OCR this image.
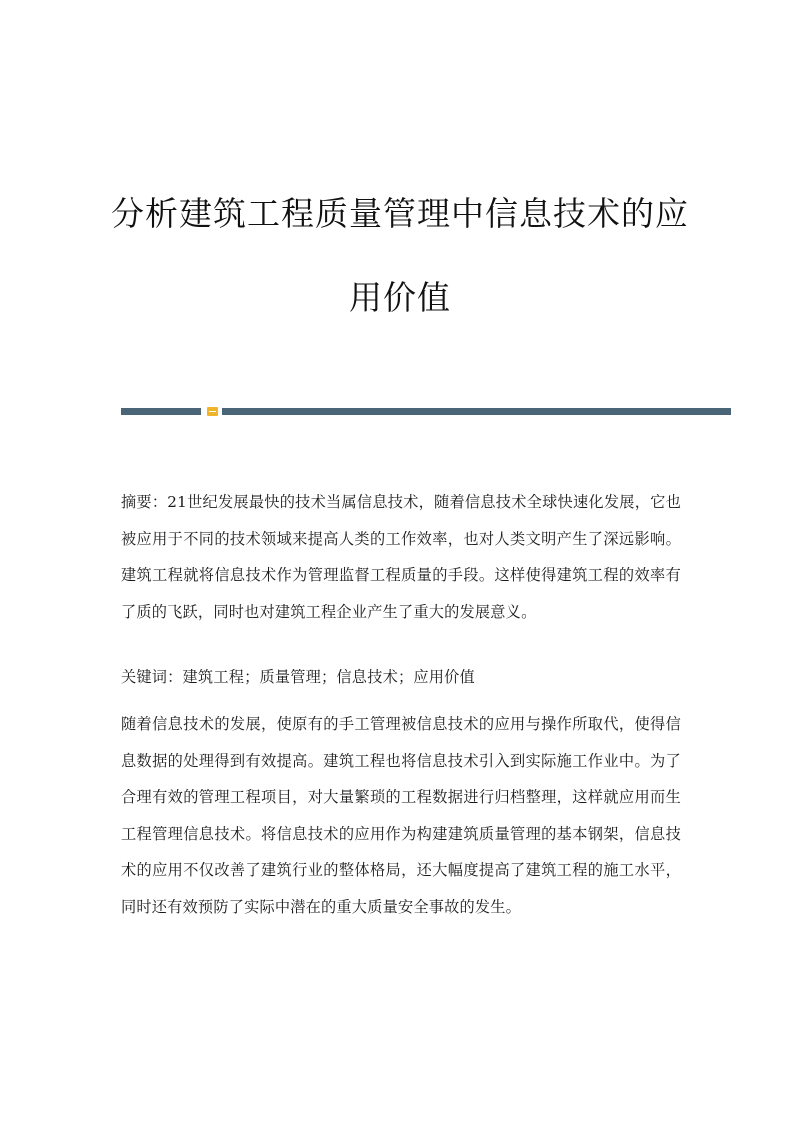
分析建筑工程质量管理中信息技术的应
用价值

摘要：21世纪发展最快的技术当属信息技术，随着信息技术全球快速化发展，它也被应用于不同的技术领域来提高人类的工作效率，也对人类文明产生了深远影响。建筑工程就将信息技术作为管理监督工程质量的手段。这样使得建筑工程的效率有了质的飞跃，同时也对建筑工程企业产生了重大的发展意义。

关键词：建筑工程；质量管理；信息技术；应用价值

随着信息技术的发展，使原有的手工管理被信息技术的应用与操作所取代，使得信息数据的处理得到有效提高。建筑工程也将信息技术引入到实际施工作业中。为了合理有效的管理工程项目，对大量繁琐的工程数据进行归档整理，这样就应用而生工程管理信息技术。将信息技术的应用作为构建建筑质量管理的基本钢架，信息技术的应用不仅改善了建筑行业的整体格局，还大幅度提高了建筑工程的施工水平，同时还有效预防了实际中潜在的重大质量安全事故的发生。
